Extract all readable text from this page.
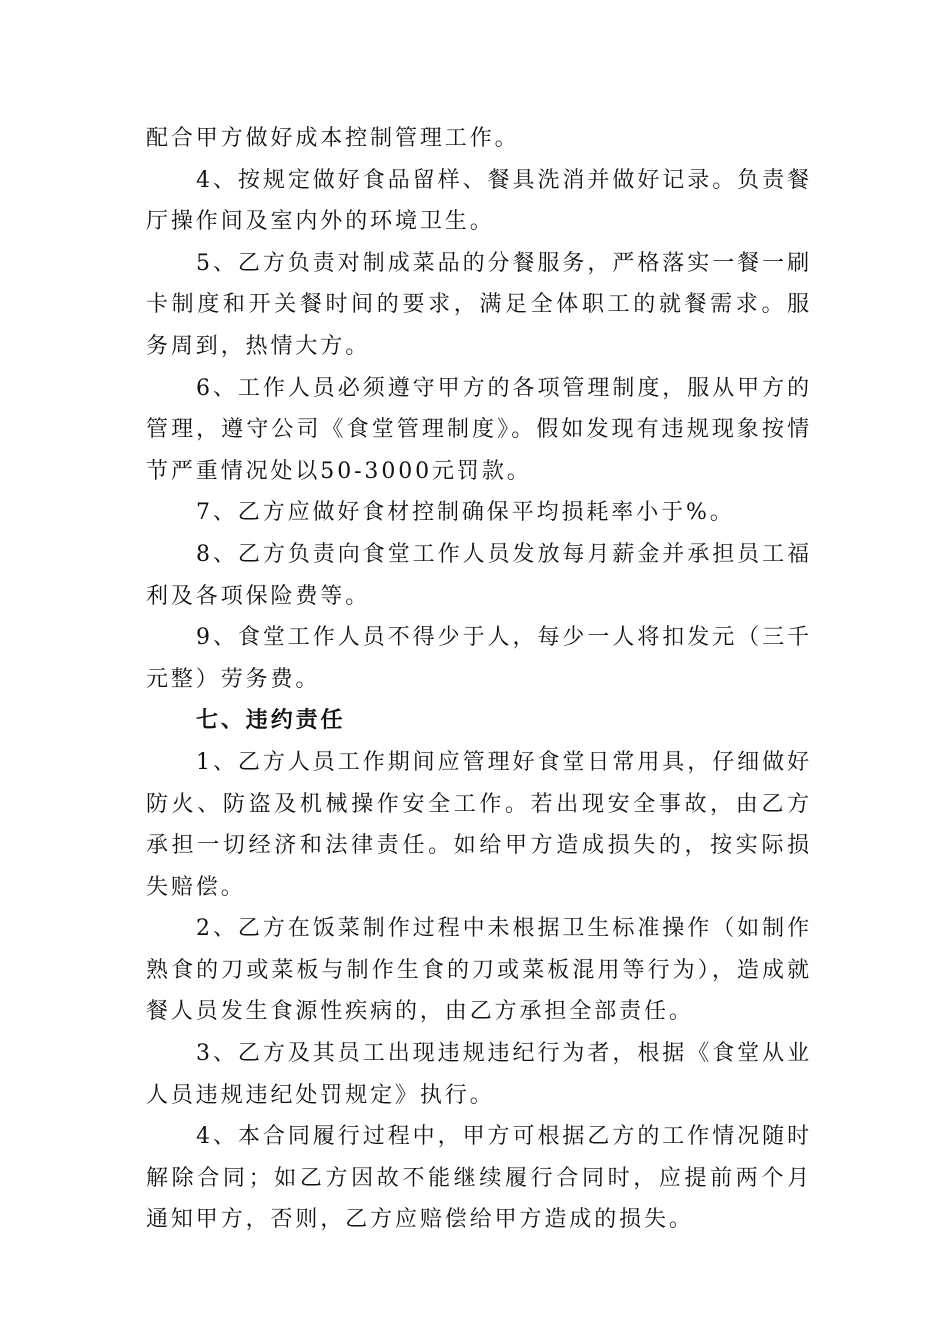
配合甲方做好成本控制管理工作。

4、按规定做好食品留样、餐具洗消并做好记录。负责餐厅操作间及室内外的环境卫生。

5、乙方负责对制成菜品的分餐服务，严格落实一餐一刷卡制度和开关餐时间的要求，满足全体职工的就餐需求。服务周到，热情大方。

6、工作人员必须遵守甲方的各项管理制度，服从甲方的管理，遵守公司《食堂管理制度》。假如发现有违规现象按情节严重情况处以50-3000元罚款。

7、乙方应做好食材控制确保平均损耗率小于%。

8、乙方负责向食堂工作人员发放每月薪金并承担员工福利及各项保险费等。

9、食堂工作人员不得少于人，每少一人将扣发元（三千元整）劳务费。

七、违约责任

1、乙方人员工作期间应管理好食堂日常用具，仔细做好防火、防盗及机械操作安全工作。若出现安全事故，由乙方承担一切经济和法律责任。如给甲方造成损失的，按实际损失赔偿。

2、乙方在饭菜制作过程中未根据卫生标准操作（如制作熟食的刀或菜板与制作生食的刀或菜板混用等行为），造成就餐人员发生食源性疾病的，由乙方承担全部责任。

3、乙方及其员工出现违规违纪行为者，根据《食堂从业人员违规违纪处罚规定》执行。

4、本合同履行过程中，甲方可根据乙方的工作情况随时解除合同；如乙方因故不能继续履行合同时，应提前两个月通知甲方，否则，乙方应赔偿给甲方造成的损失。
